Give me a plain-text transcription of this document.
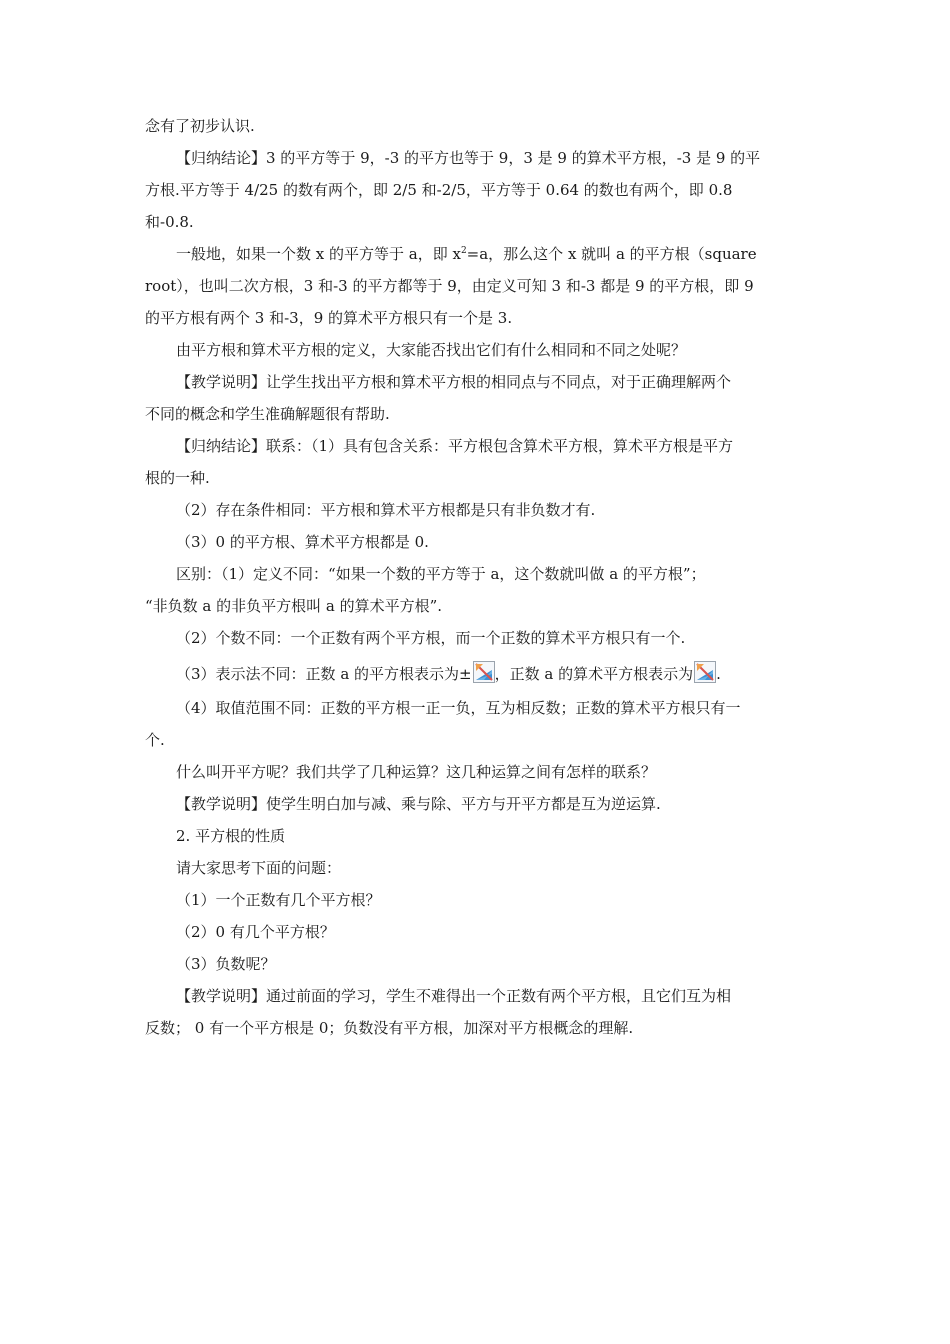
念有了初步认识.
【归纳结论】3 的平方等于 9，-3 的平方也等于 9，3 是 9 的算术平方根，-3 是 9 的平
方根.平方等于 4/25 的数有两个，即 2/5 和-2/5，平方等于 0.64 的数也有两个，即 0.8
和-0.8.
一般地，如果一个数 x 的平方等于 a，即 $x^2=a$，那么这个 x 就叫 a 的平方根（square
root），也叫二次方根，3 和-3 的平方都等于 9，由定义可知 3 和-3 都是 9 的平方根，即 9
的平方根有两个 3 和-3，9 的算术平方根只有一个是 3.
由平方根和算术平方根的定义，大家能否找出它们有什么相同和不同之处呢？
【教学说明】让学生找出平方根和算术平方根的相同点与不同点，对于正确理解两个
不同的概念和学生准确解题很有帮助.
【归纳结论】联系：（1）具有包含关系：平方根包含算术平方根，算术平方根是平方
根的一种.
（2）存在条件相同：平方根和算术平方根都是只有非负数才有.
（3）0 的平方根、算术平方根都是 0.
区别：（1）定义不同：“如果一个数的平方等于 a，这个数就叫做 a 的平方根”；
“非负数 a 的非负平方根叫 a 的算术平方根”.
（2）个数不同：一个正数有两个平方根，而一个正数的算术平方根只有一个.
（3）表示法不同：正数 a 的平方根表示为± ，正数 a 的算术平方根表示为 .
（4）取值范围不同：正数的平方根一正一负，互为相反数；正数的算术平方根只有一
个.
什么叫开平方呢？我们共学了几种运算？这几种运算之间有怎样的联系？
【教学说明】使学生明白加与减、乘与除、平方与开平方都是互为逆运算.
2. 平方根的性质
请大家思考下面的问题：
（1）一个正数有几个平方根？
（2）0 有几个平方根？
（3）负数呢？
【教学说明】通过前面的学习，学生不难得出一个正数有两个平方根，且它们互为相
反数； 0 有一个平方根是 0；负数没有平方根，加深对平方根概念的理解.
